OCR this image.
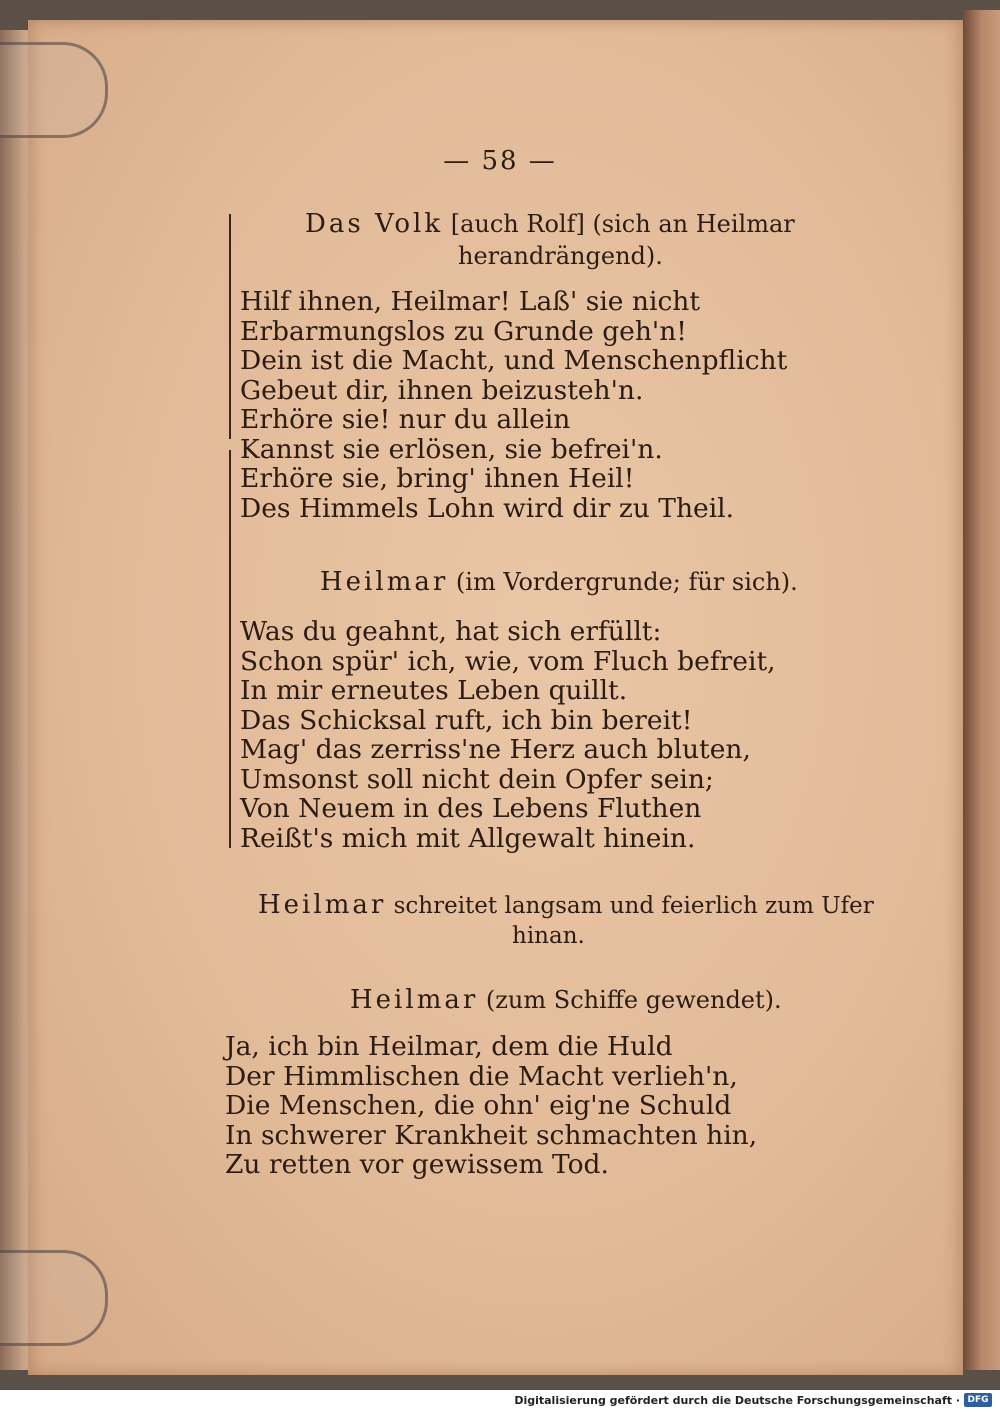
— 58 —
Das Volk [auch Rolf] (sich an Heilmar
herandrängend).
Hilf ihnen, Heilmar! Laß' sie nicht
Erbarmungslos zu Grunde geh'n!
Dein ist die Macht, und Menschenpflicht
Gebeut dir, ihnen beizusteh'n.
Erhöre sie! nur du allein
Kannst sie erlösen, sie befrei'n.
Erhöre sie, bring' ihnen Heil!
Des Himmels Lohn wird dir zu Theil.
Heilmar (im Vordergrunde; für sich).
Was du geahnt, hat sich erfüllt:
Schon spür' ich, wie, vom Fluch befreit,
In mir erneutes Leben quillt.
Das Schicksal ruft, ich bin bereit!
Mag' das zerriss'ne Herz auch bluten,
Umsonst soll nicht dein Opfer sein;
Von Neuem in des Lebens Fluthen
Reißt's mich mit Allgewalt hinein.
Heilmar schreitet langsam und feierlich zum Ufer
hinan.
Heilmar (zum Schiffe gewendet).
Ja, ich bin Heilmar, dem die Huld
Der Himmlischen die Macht verlieh'n,
Die Menschen, die ohn' eig'ne Schuld
In schwerer Krankheit schmachten hin,
Zu retten vor gewissem Tod.
Digitalisierung gefördert durch die Deutsche Forschungsgemeinschaft · DFG
